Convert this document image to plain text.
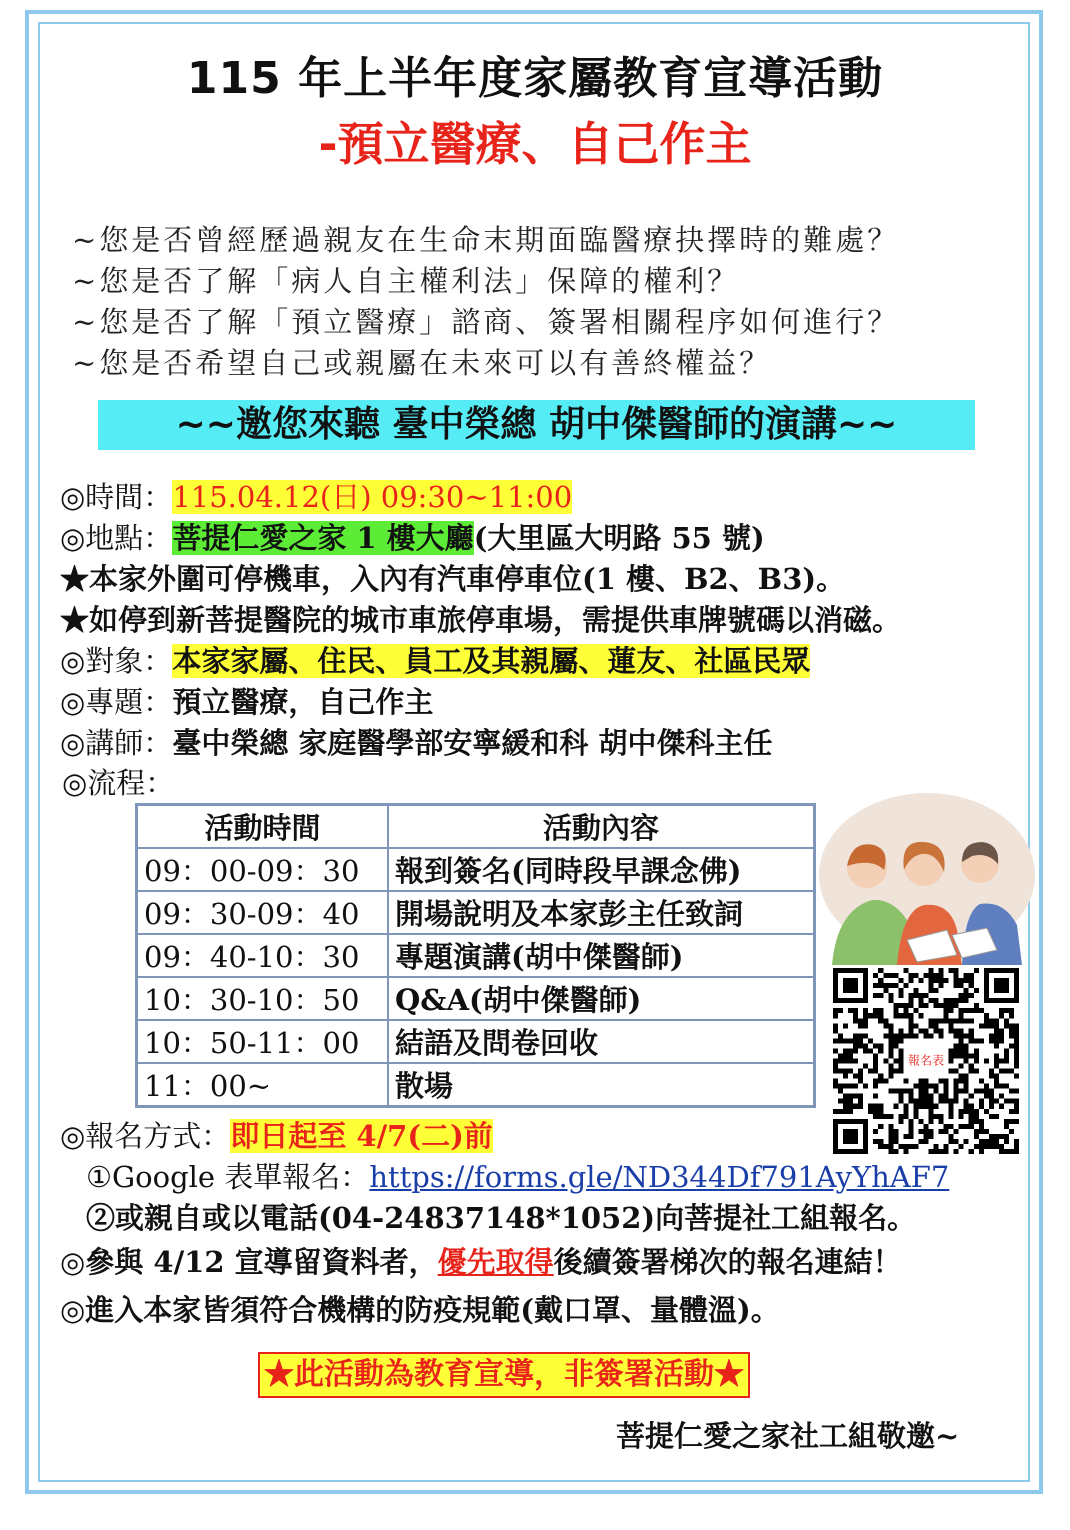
115 年上半年度家屬教育宣導活動
-預立醫療、自己作主
~您是否曾經歷過親友在生命末期面臨醫療抉擇時的難處？
~您是否了解「病人自主權利法」保障的權利？
~您是否了解「預立醫療」諮商、簽署相關程序如何進行？
~您是否希望自己或親屬在未來可以有善終權益？
~~邀您來聽 臺中榮總 胡中傑醫師的演講~~
◎時間：115.04.12(日) 09:30~11:00
◎地點：菩提仁愛之家 1 樓大廳(大里區大明路 55 號)
★本家外圍可停機車，入內有汽車停車位(1 樓、B2、B3)。
★如停到新菩提醫院的城市車旅停車場，需提供車牌號碼以消磁。
◎對象：本家家屬、住民、員工及其親屬、蓮友、社區民眾
◎專題：預立醫療，自己作主
◎講師：臺中榮總 家庭醫學部安寧緩和科 胡中傑科主任
◎流程：
活動時間	活動內容
09：00-09：30	報到簽名(同時段早課念佛)
09：30-09：40	開場說明及本家彭主任致詞
09：40-10：30	專題演講(胡中傑醫師)
10：30-10：50	Q&A(胡中傑醫師)
10：50-11：00	結語及問卷回收
11：00~	散場
報名表
◎報名方式：即日起至 4/7(二)前
①Google 表單報名：https://forms.gle/ND344Df791AyYhAF7
②或親自或以電話(04-24837148*1052)向菩提社工組報名。
◎參與 4/12 宣導留資料者，優先取得後續簽署梯次的報名連結！
◎進入本家皆須符合機構的防疫規範(戴口罩、量體溫)。
★此活動為教育宣導，非簽署活動★
菩提仁愛之家社工組敬邀~
